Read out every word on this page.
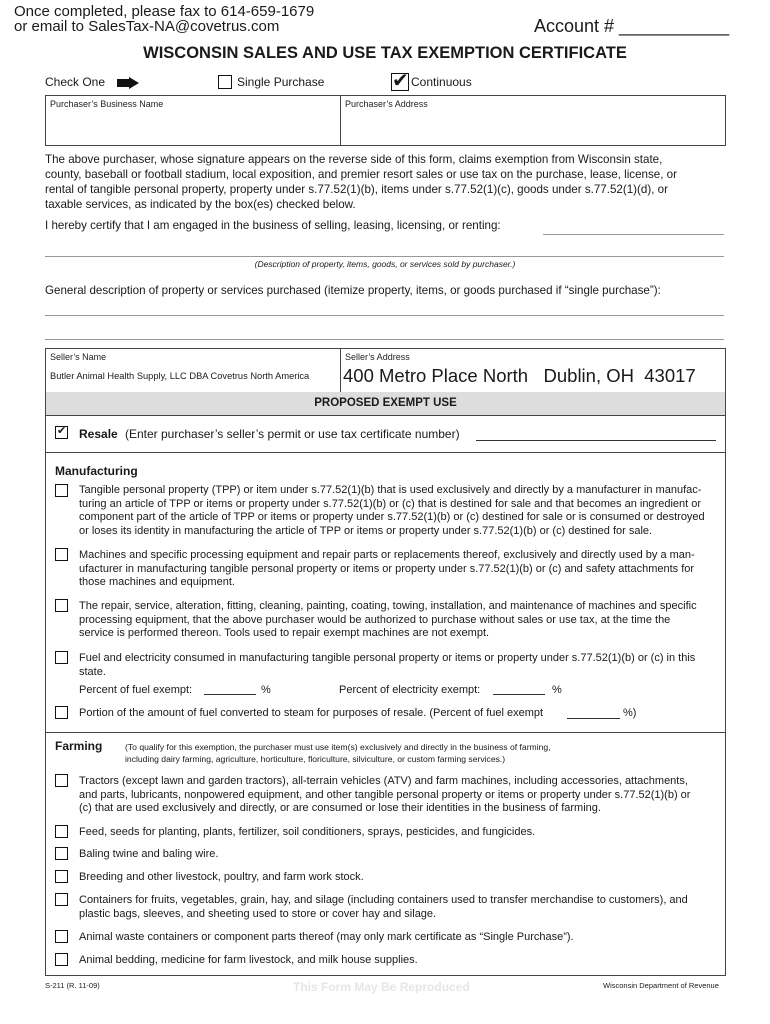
Once completed, please fax to 614-659-1679
or email to SalesTax-NA@covetrus.com	Account # ___________
WISCONSIN SALES AND USE TAX EXEMPTION CERTIFICATE
Check One	Single Purchase	✔ Continuous
Purchaser’s Business Name	Purchaser’s Address
The above purchaser, whose signature appears on the reverse side of this form, claims exemption from Wisconsin state,
county, baseball or football stadium, local exposition, and premier resort sales or use tax on the purchase, lease, license, or
rental of tangible personal property, property under s.77.52(1)(b), items under s.77.52(1)(c), goods under s.77.52(1)(d), or
taxable services, as indicated by the box(es) checked below.
I hereby certify that I am engaged in the business of selling, leasing, licensing, or renting:
(Description of property, items, goods, or services sold by purchaser.)
General description of property or services purchased (itemize property, items, or goods purchased if “single purchase”):
Seller’s Name
Butler Animal Health Supply, LLC DBA Covetrus North America
Seller’s Address
400 Metro Place North   Dublin, OH  43017
PROPOSED EXEMPT USE
✔
Resale (Enter purchaser’s seller’s permit or use tax certificate number)
Manufacturing
Tangible personal property (TPP) or item under s.77.52(1)(b) that is used exclusively and directly by a manufacturer in manufac-
turing an article of TPP or items or property under s.77.52(1)(b) or (c) that is destined for sale and that becomes an ingredient or
component part of the article of TPP or items or property under s.77.52(1)(b) or (c) destined for sale or is consumed or destroyed
or loses its identity in manufacturing the article of TPP or items or property under s.77.52(1)(b) or (c) destined for sale.
Machines and specific processing equipment and repair parts or replacements thereof, exclusively and directly used by a man-
ufacturer in manufacturing tangible personal property or items or property under s.77.52(1)(b) or (c) and safety attachments for
those machines and equipment.
The repair, service, alteration, fitting, cleaning, painting, coating, towing, installation, and maintenance of machines and specific
processing equipment, that the above purchaser would be authorized to purchase without sales or use tax, at the time the
service is performed thereon. Tools used to repair exempt machines are not exempt.
Fuel and electricity consumed in manufacturing tangible personal property or items or property under s.77.52(1)(b) or (c) in this
state.
Percent of fuel exempt:	%	Percent of electricity exempt:	%
Portion of the amount of fuel converted to steam for purposes of resale. (Percent of fuel exempt	%)
Farming	(To qualify for this exemption, the purchaser must use item(s) exclusively and directly in the business of farming,
including dairy farming, agriculture, horticulture, floriculture, silviculture, or custom farming services.)
Tractors (except lawn and garden tractors), all-terrain vehicles (ATV) and farm machines, including accessories, attachments,
and parts, lubricants, nonpowered equipment, and other tangible personal property or items or property under s.77.52(1)(b) or
(c) that are used exclusively and directly, or are consumed or lose their identities in the business of farming.
Feed, seeds for planting, plants, fertilizer, soil conditioners, sprays, pesticides, and fungicides.
Baling twine and baling wire.
Breeding and other livestock, poultry, and farm work stock.
Containers for fruits, vegetables, grain, hay, and silage (including containers used to transfer merchandise to customers), and
plastic bags, sleeves, and sheeting used to store or cover hay and silage.
Animal waste containers or component parts thereof (may only mark certificate as “Single Purchase”).
Animal bedding, medicine for farm livestock, and milk house supplies.
S-211 (R. 11-09)	This Form May Be Reproduced	Wisconsin Department of Revenue
